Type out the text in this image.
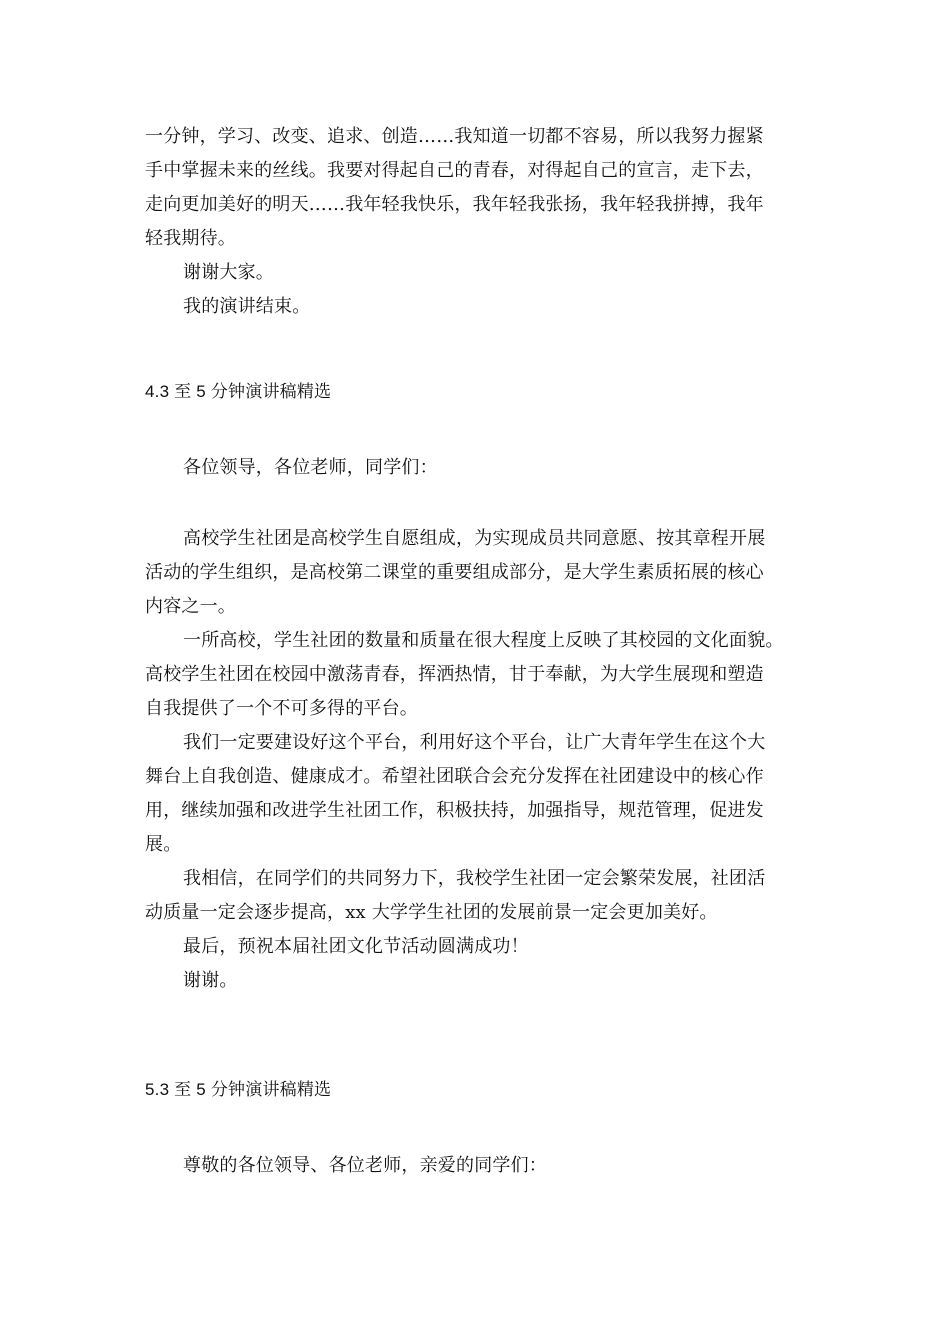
一分钟，学习、改变、追求、创造……我知道一切都不容易，所以我努力握紧
手中掌握未来的丝线。我要对得起自己的青春，对得起自己的宣言，走下去，
走向更加美好的明天……我年轻我快乐，我年轻我张扬，我年轻我拼搏，我年
轻我期待。
谢谢大家。
我的演讲结束。
4.3 至 5 分钟演讲稿精选
各位领导，各位老师，同学们：
高校学生社团是高校学生自愿组成，为实现成员共同意愿、按其章程开展
活动的学生组织，是高校第二课堂的重要组成部分，是大学生素质拓展的核心
内容之一。
一所高校，学生社团的数量和质量在很大程度上反映了其校园的文化面貌。
高校学生社团在校园中激荡青春，挥洒热情，甘于奉献，为大学生展现和塑造
自我提供了一个不可多得的平台。
我们一定要建设好这个平台，利用好这个平台，让广大青年学生在这个大
舞台上自我创造、健康成才。希望社团联合会充分发挥在社团建设中的核心作
用，继续加强和改进学生社团工作，积极扶持，加强指导，规范管理，促进发
展。
我相信，在同学们的共同努力下，我校学生社团一定会繁荣发展，社团活
动质量一定会逐步提高，xx 大学学生社团的发展前景一定会更加美好。
最后，预祝本届社团文化节活动圆满成功！
谢谢。
5.3 至 5 分钟演讲稿精选
尊敬的各位领导、各位老师，亲爱的同学们：
